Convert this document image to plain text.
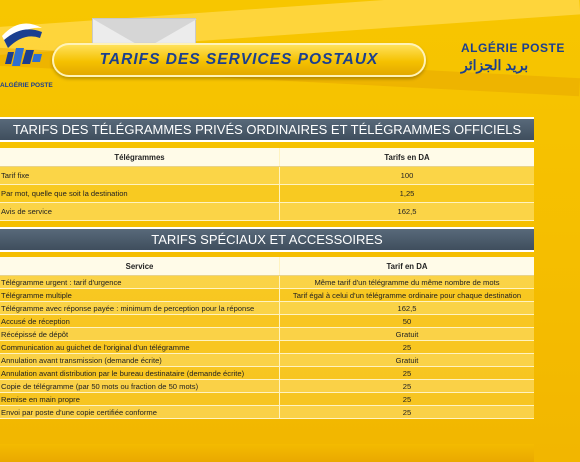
ALGÉRIE POSTE
TARIFS DES SERVICES POSTAUX
ALGÉRIE POSTE
بريد الجزائر
TARIFS DES TÉLÉGRAMMES PRIVÉS ORDINAIRES ET TÉLÉGRAMMES OFFICIELS
Télégrammes	Tarifs en DA
Tarif fixe	100
Par mot, quelle que soit la destination	1,25
Avis de service	162,5
TARIFS SPÉCIAUX ET ACCESSOIRES
Service	Tarif en DA
Télégramme urgent : tarif d'urgence	Même tarif d'un télégramme du même nombre de mots
Télégramme multiple	Tarif égal à celui d'un télégramme ordinaire pour chaque destination
Télégramme avec réponse payée : minimum de perception pour la réponse	162,5
Accusé de réception	50
Récépissé de dépôt	Gratuit
Communication au guichet de l'original d'un télégramme	25
Annulation avant transmission (demande écrite)	Gratuit
Annulation avant distribution par le bureau destinataire (demande écrite)	25
Copie de télégramme (par 50 mots ou fraction de 50 mots)	25
Remise en main propre	25
Envoi par poste d'une copie certifiée conforme	25
